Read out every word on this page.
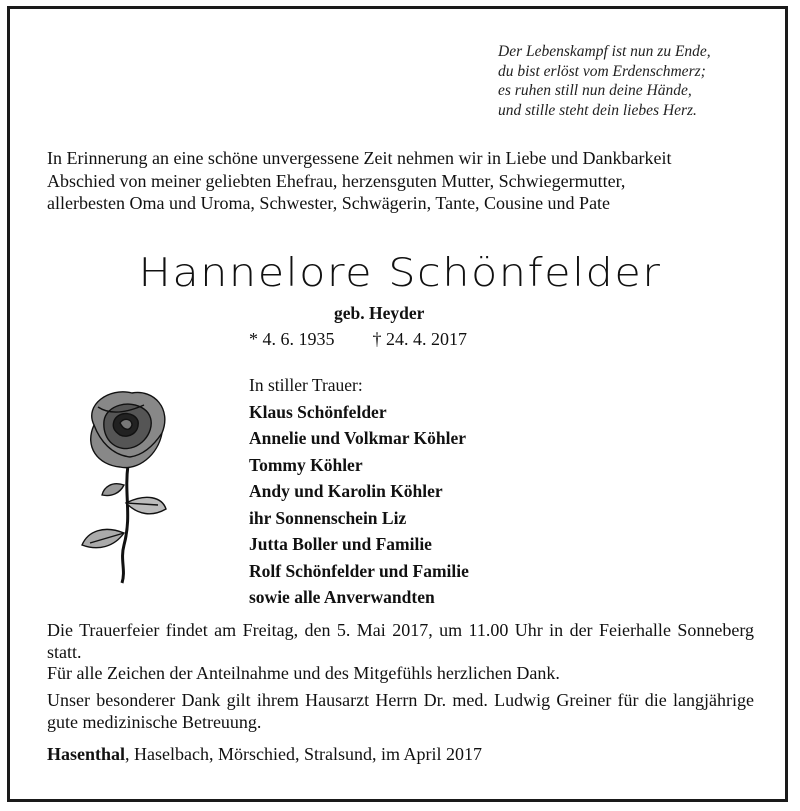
Der Lebenskampf ist nun zu Ende,
du bist erlöst vom Erdenschmerz;
es ruhen still nun deine Hände,
und stille steht dein liebes Herz.
In Erinnerung an eine schöne unvergessene Zeit nehmen wir in Liebe und Dankbarkeit
Abschied von meiner geliebten Ehefrau, herzensguten Mutter, Schwiegermutter,
allerbesten Oma und Uroma, Schwester, Schwägerin, Tante, Cousine und Pate
Hannelore Schönfelder
geb. Heyder
* 4. 6. 1935 † 24. 4. 2017
In stiller Trauer:
Klaus Schönfelder
Annelie und Volkmar Köhler
Tommy Köhler
Andy und Karolin Köhler
ihr Sonnenschein Liz
Jutta Boller und Familie
Rolf Schönfelder und Familie
sowie alle Anverwandten
Die Trauerfeier findet am Freitag, den 5. Mai 2017, um 11.00 Uhr in der Feierhalle Sonneberg statt.
Für alle Zeichen der Anteilnahme und des Mitgefühls herzlichen Dank.
Unser besonderer Dank gilt ihrem Hausarzt Herrn Dr. med. Ludwig Greiner für die langjährige gute medizinische Betreuung.
Hasenthal, Haselbach, Mörschied, Stralsund, im April 2017
